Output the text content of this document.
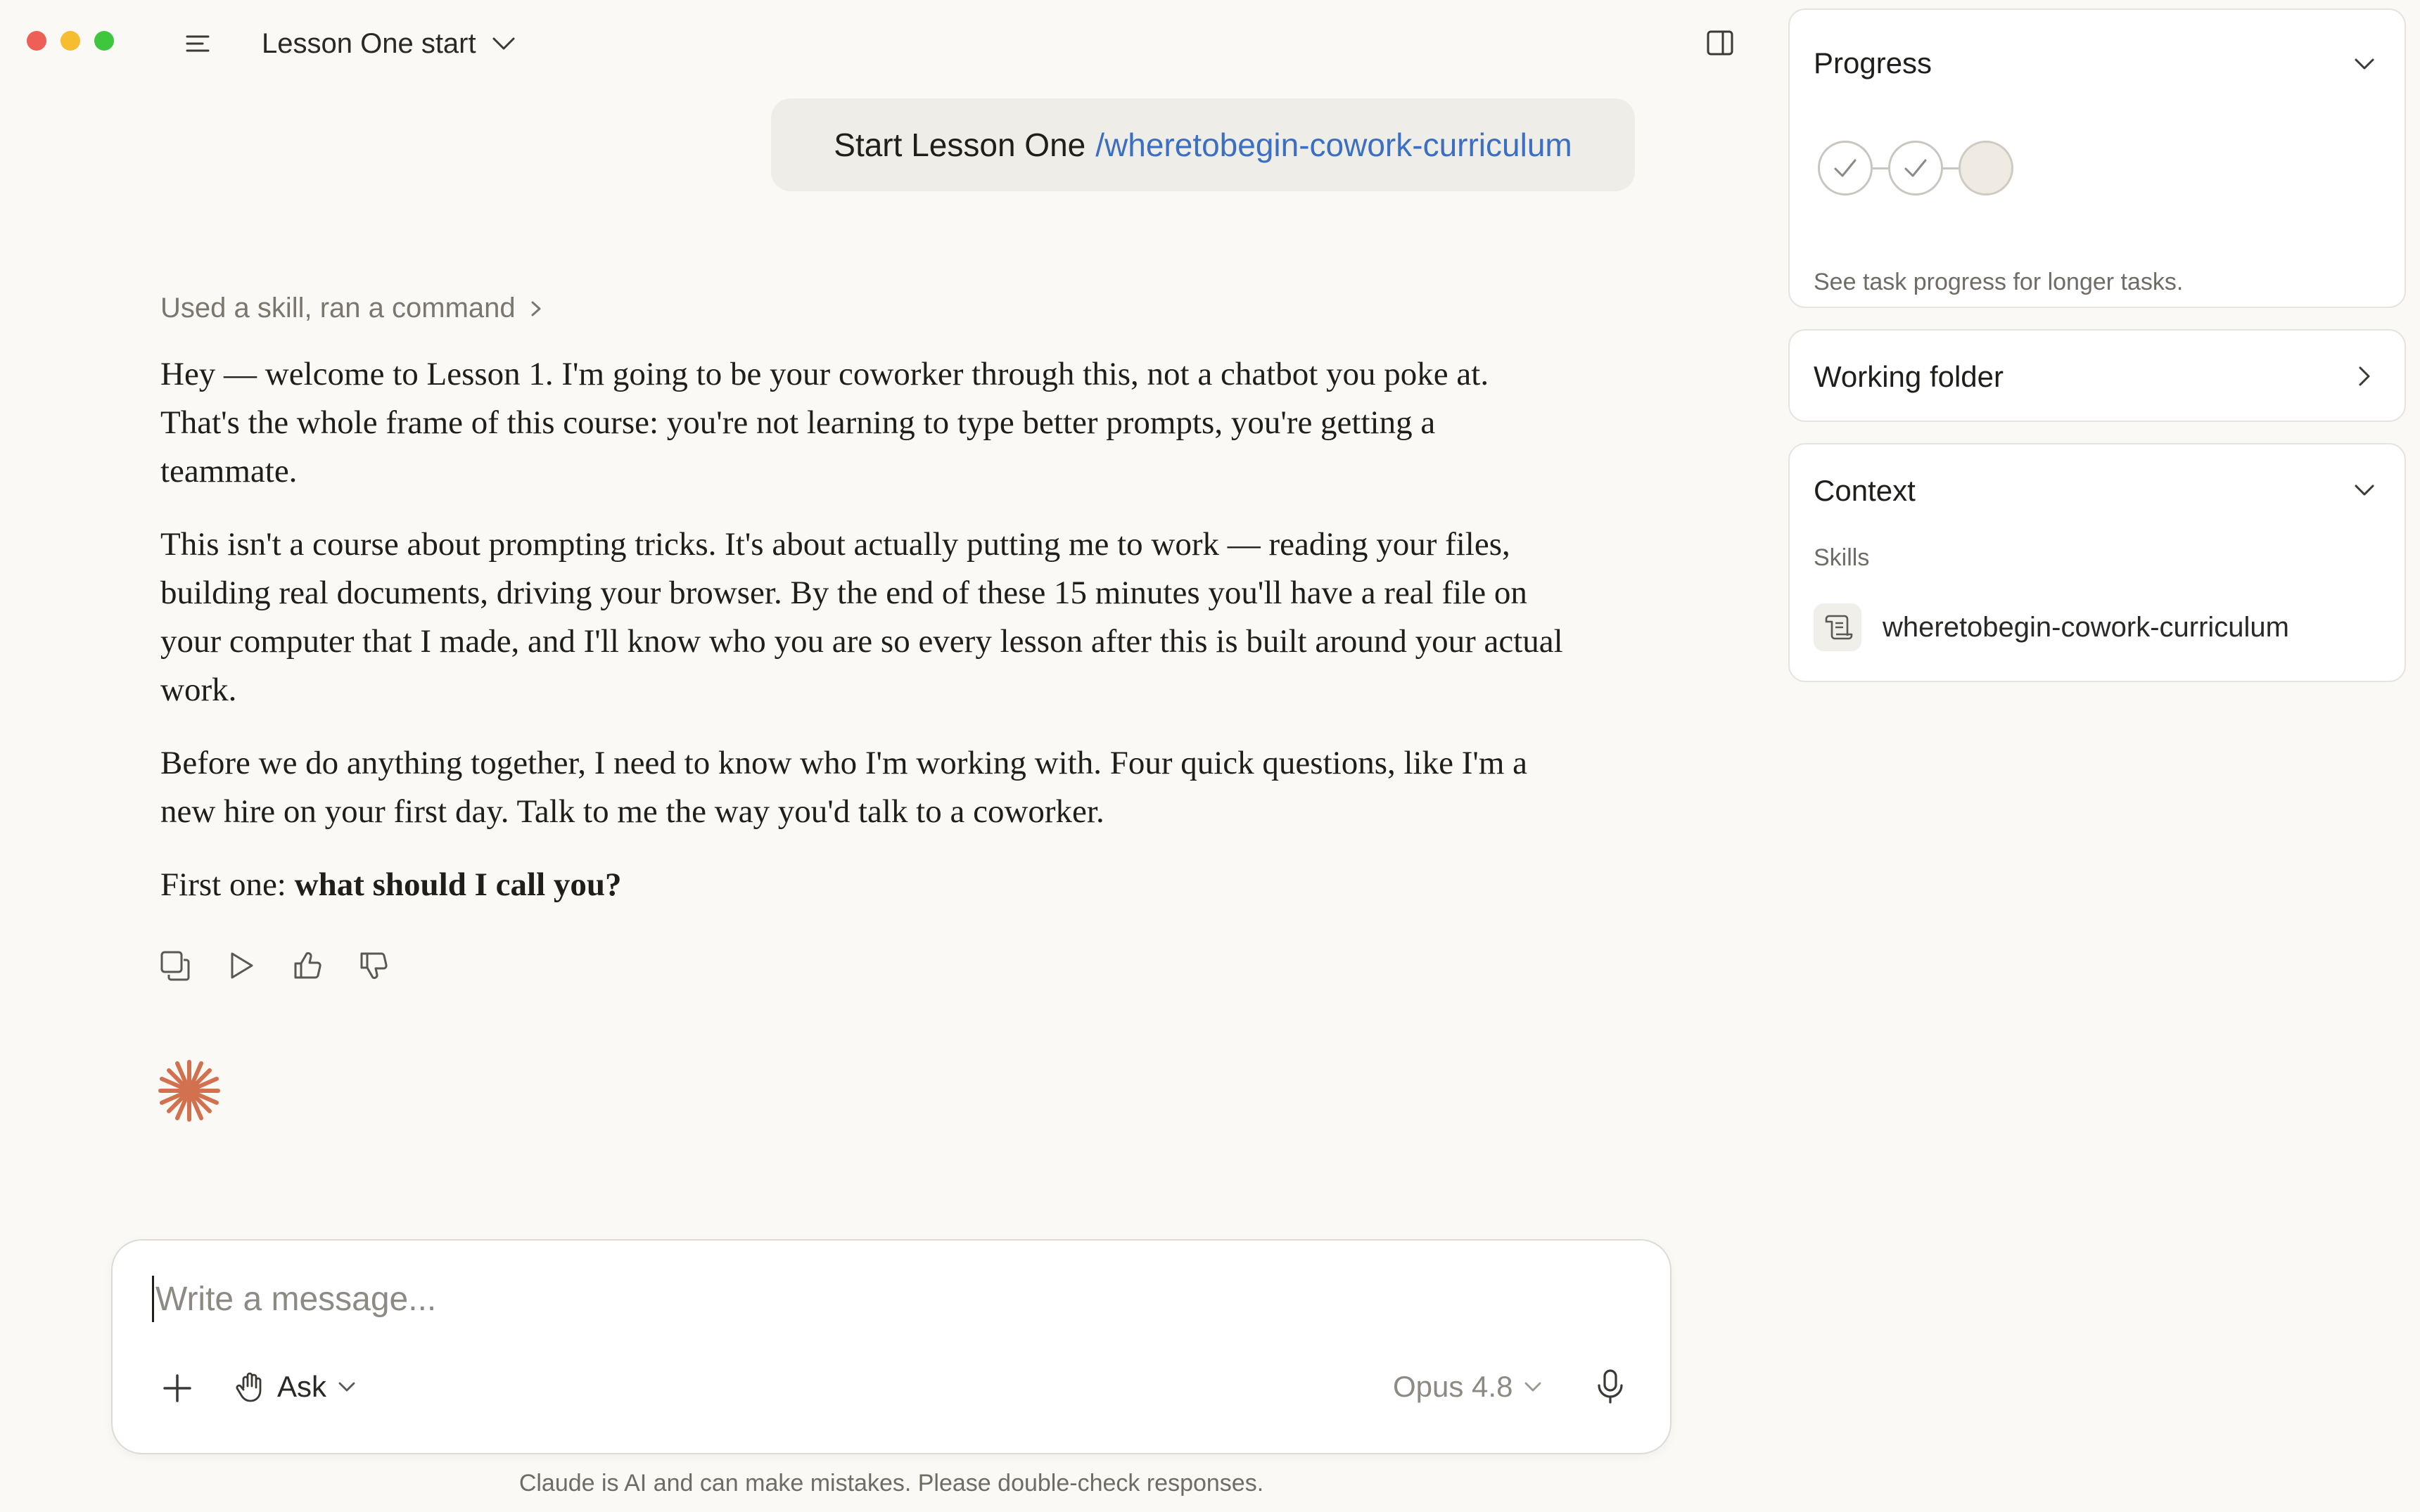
Lesson One start
Start Lesson One /wheretobegin-cowork-curriculum
Used a skill, ran a command

Hey — welcome to Lesson 1. I'm going to be your coworker through this, not a chatbot you poke at. That's the whole frame of this course: you're not learning to type better prompts, you're getting a teammate.

This isn't a course about prompting tricks. It's about actually putting me to work — reading your files, building real documents, driving your browser. By the end of these 15 minutes you'll have a real file on your computer that I made, and I'll know who you are so every lesson after this is built around your actual work.

Before we do anything together, I need to know who I'm working with. Four quick questions, like I'm a new hire on your first day. Talk to me the way you'd talk to a coworker.

First one: what should I call you?

Write a message...
Ask	Opus 4.8
Claude is AI and can make mistakes. Please double-check responses.
Progress
See task progress for longer tasks.
Working folder
Context
Skills
wheretobegin-cowork-curriculum
